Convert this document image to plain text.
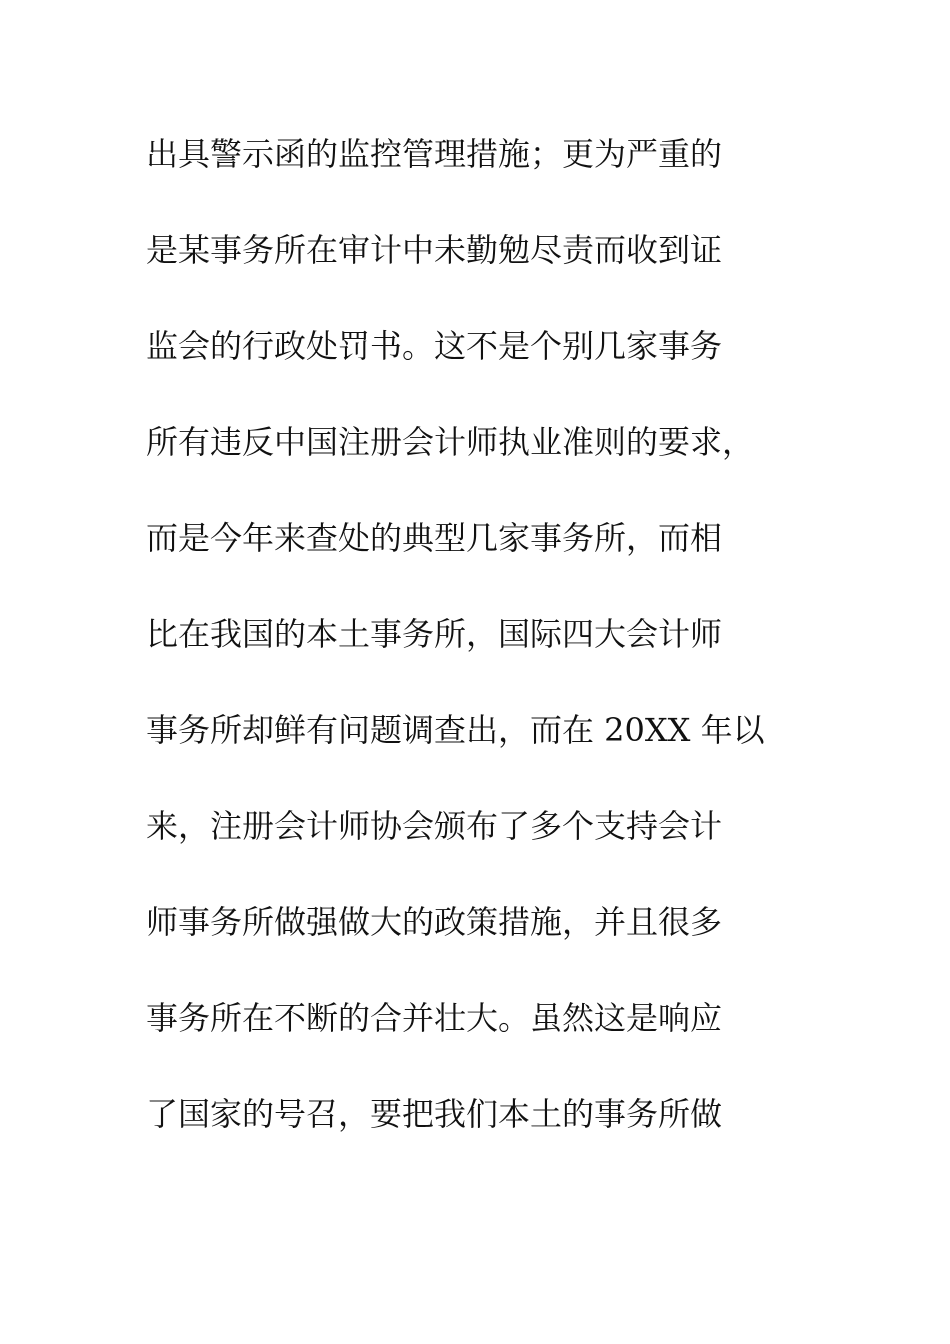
出具警示函的监控管理措施；更为严重的
是某事务所在审计中未勤勉尽责而收到证
监会的行政处罚书。这不是个别几家事务
所有违反中国注册会计师执业准则的要求，
而是今年来查处的典型几家事务所，而相
比在我国的本土事务所，国际四大会计师
事务所却鲜有问题调查出，而在 20XX 年以
来，注册会计师协会颁布了多个支持会计
师事务所做强做大的政策措施，并且很多
事务所在不断的合并壮大。虽然这是响应
了国家的号召，要把我们本土的事务所做
